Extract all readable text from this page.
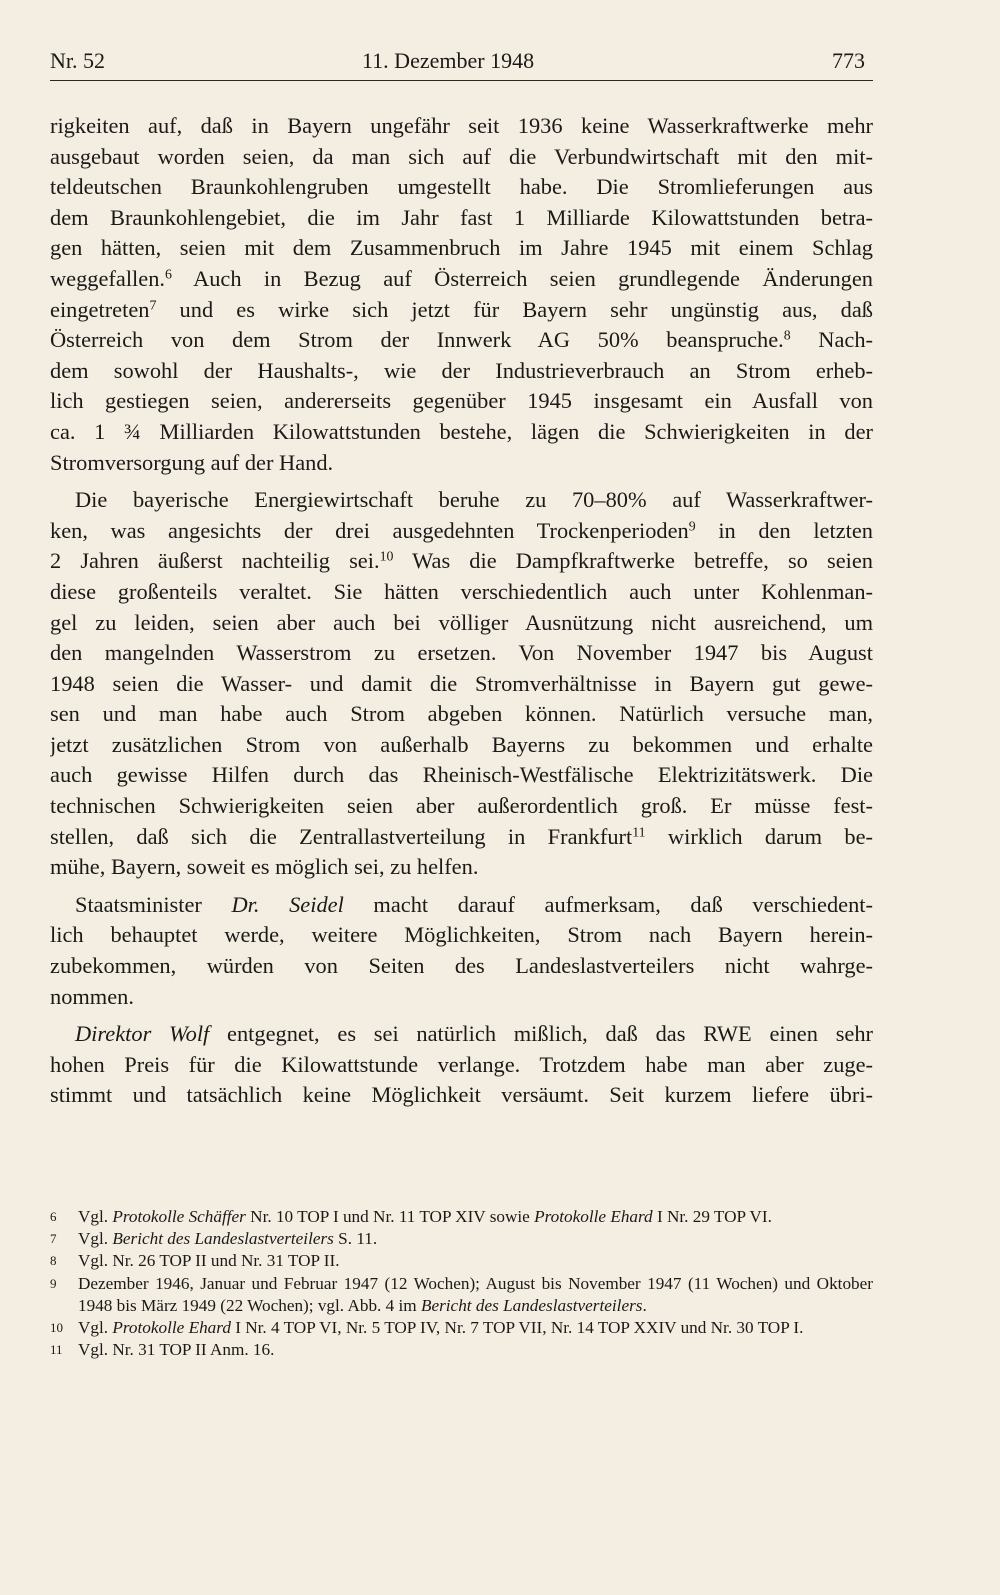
Nr. 52	11. Dezember 1948	773
rigkeiten auf, daß in Bayern ungefähr seit 1936 keine Wasserkraftwerke mehr
ausgebaut worden seien, da man sich auf die Verbundwirtschaft mit den mit-
teldeutschen Braunkohlengruben umgestellt habe. Die Stromlieferungen aus
dem Braunkohlengebiet, die im Jahr fast 1 Milliarde Kilowattstunden betra-
gen hätten, seien mit dem Zusammenbruch im Jahre 1945 mit einem Schlag
weggefallen.$^6$ Auch in Bezug auf Österreich seien grundlegende Änderungen
eingetreten$^7$ und es wirke sich jetzt für Bayern sehr ungünstig aus, daß
Österreich von dem Strom der Innwerk AG 50% beanspruche.$^8$ Nach-
dem sowohl der Haushalts-, wie der Industrieverbrauch an Strom erheb-
lich gestiegen seien, andererseits gegenüber 1945 insgesamt ein Ausfall von
ca. 1 ¾ Milliarden Kilowattstunden bestehe, lägen die Schwierigkeiten in der
Stromversorgung auf der Hand.
Die bayerische Energiewirtschaft beruhe zu 70–80% auf Wasserkraftwer-
ken, was angesichts der drei ausgedehnten Trockenperioden$^9$ in den letzten
2 Jahren äußerst nachteilig sei.$^{10}$ Was die Dampfkraftwerke betreffe, so seien
diese großenteils veraltet. Sie hätten verschiedentlich auch unter Kohlenman-
gel zu leiden, seien aber auch bei völliger Ausnützung nicht ausreichend, um
den mangelnden Wasserstrom zu ersetzen. Von November 1947 bis August
1948 seien die Wasser- und damit die Stromverhältnisse in Bayern gut gewe-
sen und man habe auch Strom abgeben können. Natürlich versuche man,
jetzt zusätzlichen Strom von außerhalb Bayerns zu bekommen und erhalte
auch gewisse Hilfen durch das Rheinisch-Westfälische Elektrizitätswerk. Die
technischen Schwierigkeiten seien aber außerordentlich groß. Er müsse fest-
stellen, daß sich die Zentrallastverteilung in Frankfurt$^{11}$ wirklich darum be-
mühe, Bayern, soweit es möglich sei, zu helfen.
Staatsminister Dr. Seidel macht darauf aufmerksam, daß verschiedent-
lich behauptet werde, weitere Möglichkeiten, Strom nach Bayern herein-
zubekommen, würden von Seiten des Landeslastverteilers nicht wahrge-
nommen.
Direktor Wolf entgegnet, es sei natürlich mißlich, daß das RWE einen sehr
hohen Preis für die Kilowattstunde verlange. Trotzdem habe man aber zuge-
stimmt und tatsächlich keine Möglichkeit versäumt. Seit kurzem liefere übri-
6 Vgl. Protokolle Schäffer Nr. 10 TOP I und Nr. 11 TOP XIV sowie Protokolle Ehard I Nr. 29 TOP VI.
7 Vgl. Bericht des Landeslastverteilers S. 11.
8 Vgl. Nr. 26 TOP II und Nr. 31 TOP II.
9 Dezember 1946, Januar und Februar 1947 (12 Wochen); August bis November 1947 (11 Wochen) und Oktober 1948 bis März 1949 (22 Wochen); vgl. Abb. 4 im Bericht des Landeslastverteilers.
10 Vgl. Protokolle Ehard I Nr. 4 TOP VI, Nr. 5 TOP IV, Nr. 7 TOP VII, Nr. 14 TOP XXIV und Nr. 30 TOP I.
11 Vgl. Nr. 31 TOP II Anm. 16.
